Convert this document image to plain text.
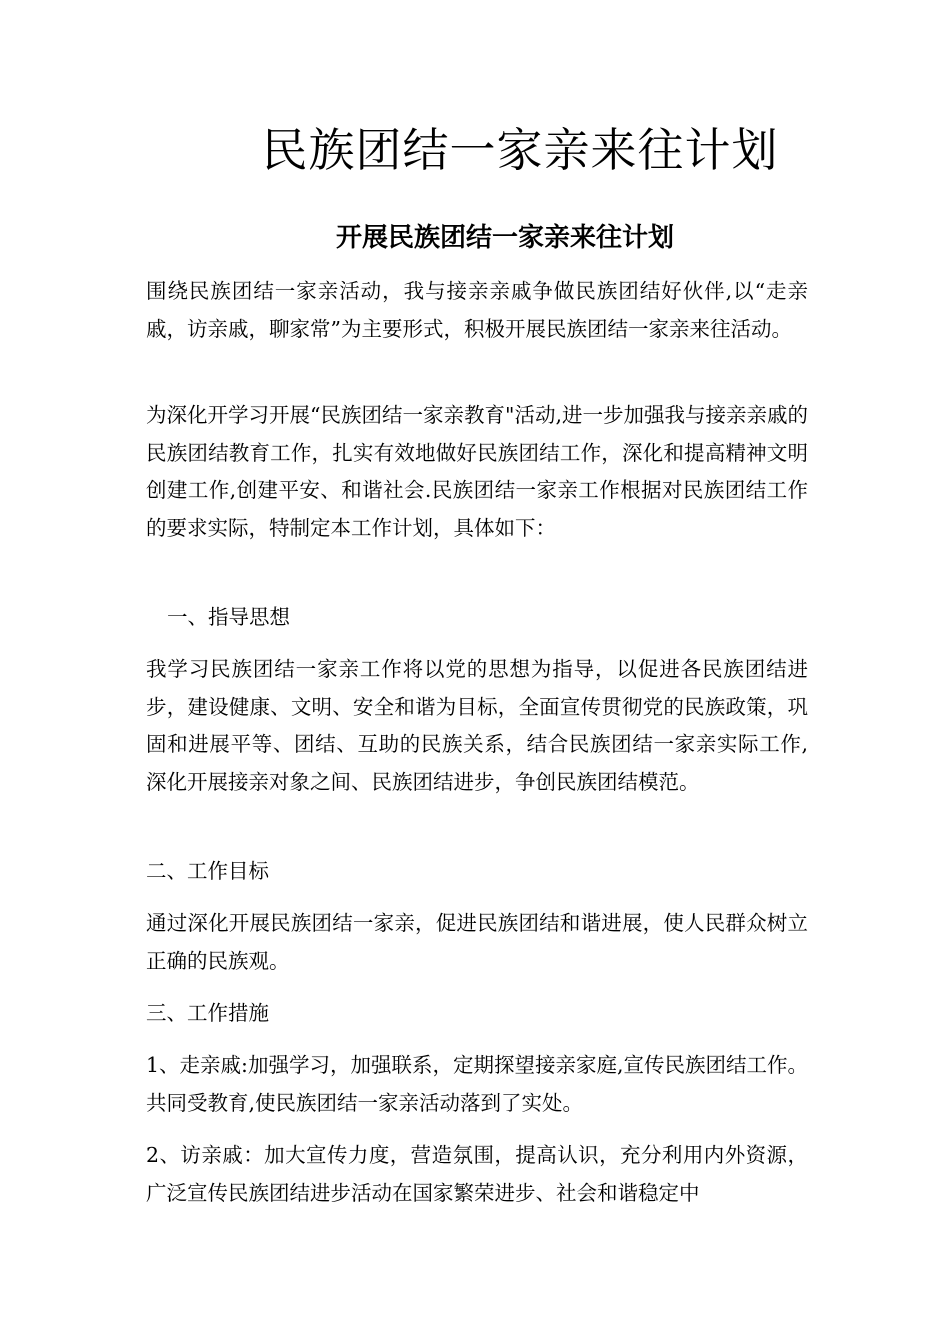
民族团结一家亲来往计划
开展民族团结一家亲来往计划

围绕民族团结一家亲活动，我与接亲亲戚争做民族团结好伙伴,以“走亲戚，访亲戚，聊家常”为主要形式，积极开展民族团结一家亲来往活动。

为深化开学习开展“民族团结一家亲教育"活动,进一步加强我与接亲亲戚的民族团结教育工作，扎实有效地做好民族团结工作，深化和提高精神文明创建工作,创建平安、和谐社会.民族团结一家亲工作根据对民族团结工作的要求实际，特制定本工作计划，具体如下：

一、指导思想

我学习民族团结一家亲工作将以党的思想为指导，以促进各民族团结进步，建设健康、文明、安全和谐为目标，全面宣传贯彻党的民族政策，巩固和进展平等、团结、互助的民族关系，结合民族团结一家亲实际工作,深化开展接亲对象之间、民族团结进步，争创民族团结模范。

二、工作目标

通过深化开展民族团结一家亲，促进民族团结和谐进展，使人民群众树立正确的民族观。

三、工作措施

1、走亲戚:加强学习，加强联系，定期探望接亲家庭,宣传民族团结工作。共同受教育,使民族团结一家亲活动落到了实处。

2、访亲戚：加大宣传力度，营造氛围，提高认识，充分利用内外资源，广泛宣传民族团结进步活动在国家繁荣进步、社会和谐稳定中
